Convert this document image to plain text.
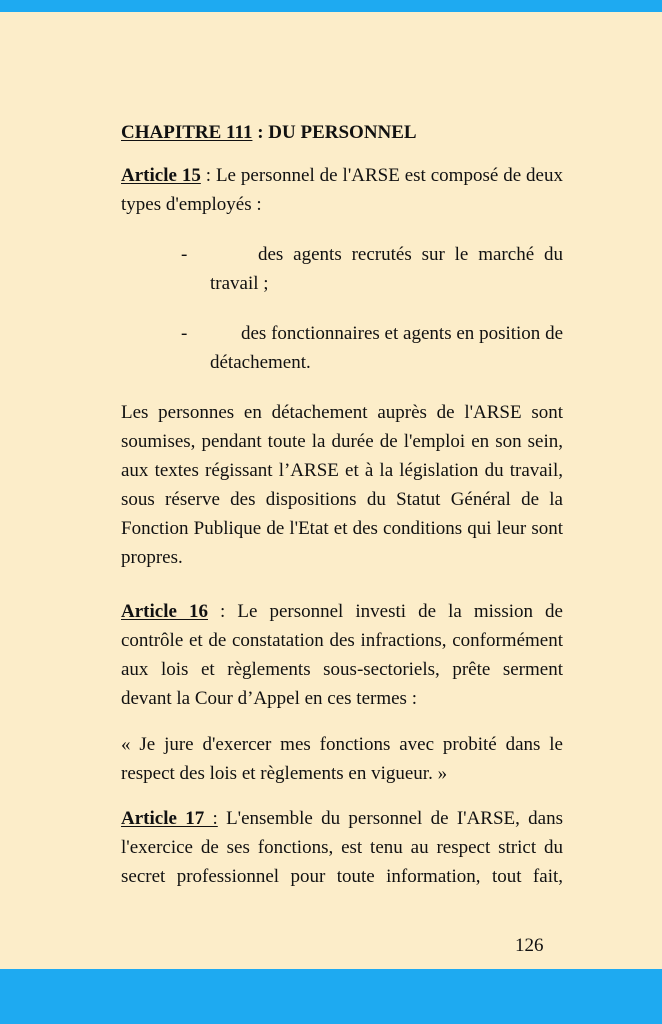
CHAPITRE 111 : DU PERSONNEL
Article 15 : Le personnel de l'ARSE est composé de deux types d'employés :
-	des agents recrutés sur le marché du travail ;
-	des fonctionnaires et agents en position de détachement.
Les personnes en détachement auprès de l'ARSE sont soumises, pendant toute la durée de l'emploi en son sein, aux textes régissant l’ARSE et à la législation du travail, sous réserve des dispositions du Statut Général de la Fonction Publique de l'Etat et des conditions qui leur sont propres.
Article 16 : Le personnel investi de la mission de contrôle et de constatation des infractions, conformément aux lois et règlements sous-sectoriels, prête serment devant la Cour d’Appel en ces termes :
« Je jure d'exercer mes fonctions avec probité dans le respect des lois et règlements en vigueur. »
Article 17 : L'ensemble du personnel de I'ARSE, dans l'exercice de ses fonctions, est tenu au respect strict du secret professionnel pour toute information, tout fait,
126
